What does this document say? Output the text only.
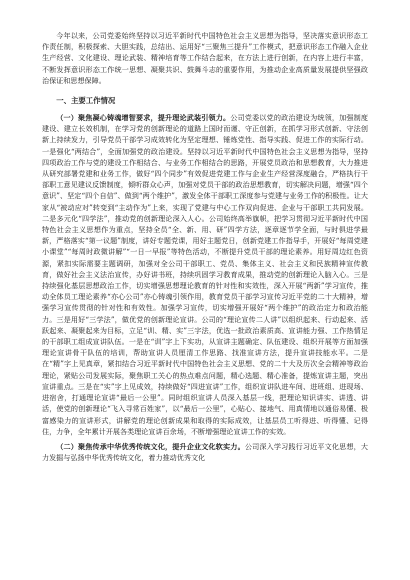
今年以来，公司党委始终坚持以习近平新时代中国特色社会主义思想为指导，坚决落实意识形态工作责任制，积极探索、大胆实践，总结出、运用好“三聚焦三提升”工作模式，把意识形态工作融入企业生产经营、文化建设、理论武装、精神培育等工作结合起来，在方法上进行创新，在内容上进行丰富，不断发挥意识形态工作统一思想、凝聚共识、鼓舞斗志的重要作用，为推动企业高质量发展提供坚强政治保证和思想保障。

一、主要工作情况

（一）聚焦凝心铸魂增智要求，提升理论武装引领力。公司党委以党的政治建设为统领，加强制度建设、建立长效机制，在学习党的创新理论的道路上国时而谨、守正创新，在抓学习形式创新、守法创新上持续发力，引导党员干部学习成效转化为坚定理想、锤炼党性、指导实践、促进工作的实际行动。一是强化“两结合”，全面加强党的政治建设。坚持以习近平新时代中国特色社会主义思想为指导，坚持四项政治工作与党的建设工作相结合、与业务工作相结合的思路，开展党员政治和思想教育，大力推进从研究部署党建和业务工作，做好“四个同步”有效促进党建工作与企业生产经营深度融合，严格执行干部职工意见建议反馈制度，倾听群众心声，加强对党员干部的政治思想教育，切实解决问题，增强“四个意识”、坚定“四个自信”、做到“两个维护”，激发全体干部职工深度参与党建与业务工作的积极性。让大家从“被动应对”转变到“主动作为”上来，实现了党建与中心工作双向促进、企业与干部职工共同发展。二是多元化“四学法”，推动党的创新理论深入人心。公司始终高举旗帜，把学习贯彻习近平新时代中国特色社会主义思想作为重点，坚持全员“全、新、用、研”四学方法，逐章逐节学全面，与时俱进学最新，严格落实“第一议题”制度，讲好专题党课，用好主题党日，创新党建工作指导手，开展好“每周党建小课堂”“每周时政微讲解”“一日一早报”等特色活动，不断提升党员干部的理论素养。用好周边红色资源，紧扣实际需要主题调研，加强对全公司干部职工、党员、集体主义、社会主义和民族精神宣传教育，做好社会主义法治宣传，办好讲书班，持续巩固学习教育成果，推动党的创新理论入脑入心。三是持续强化基层思想政治工作，切实增强思想理论教育的针对性和实效性，深入开展“两新”学习宣传，推动全体员工理论素养“亦心公司”亦心铸魂引领作用，教育党员干部学习宣传习近平党的二十大精神，增强学习宣传贯彻的针对性和有效性。加强学习宣传，切实增强开展好“两个维护”的政治定力和政治能力。三是用好“三学法”，做优党的创新理论宣讲。公司的“理论宣传二人讲”以组织起来、行动起来、活跃起来、凝聚起来为目标，立足“训、精、实”三字法，优选一批政治素质高、宣讲能力强、工作热情足的干部职工组成宣讲队伍。一是在“训”字上下实功，从宣讲主题确定、队伍建设、组织开展等方面加强理论宣讲骨干队伍的培训，帮助宣讲人员厘清工作思路、找准宣讲方法，提升宣讲技能水平。二是在“精”字上见真章，紧扣结合习近平新时代中国特色社会主义思想、党的二十大及历次全会精神等政治理论，紧贴公司发展实际，聚焦职工关心的热点难点问题，精心选题、精心准备，提炼宣讲主题，突出宣讲重点。三是在“实”字上见成效，持续做好“四进宣讲”工作，组织宣讲队进车间、进班组、进现场、进宿舍，打通理论宣讲“最后一公里”。同时组织宣讲人员深入基层一线，把理论知识讲实、讲透、讲活，使党的创新理论“飞入寻常百姓家”，以“最后一公里”，心贴心、接地气、用真情地以通俗易懂、极富感染力的宣讲形式，讲解党的理论创新成果和取得的实际成效，让基层员工听得进、听得懂、记得住，力争，全年累计开展各类理论宣讲百余场，不断增强理论宣讲工作的实效。

（二）聚焦传承中华优秀传统文化，提升企业文化软实力。公司深入学习践行习近平文化思想，大力发掘与弘扬中华优秀传统文化，着力推动优秀文化
